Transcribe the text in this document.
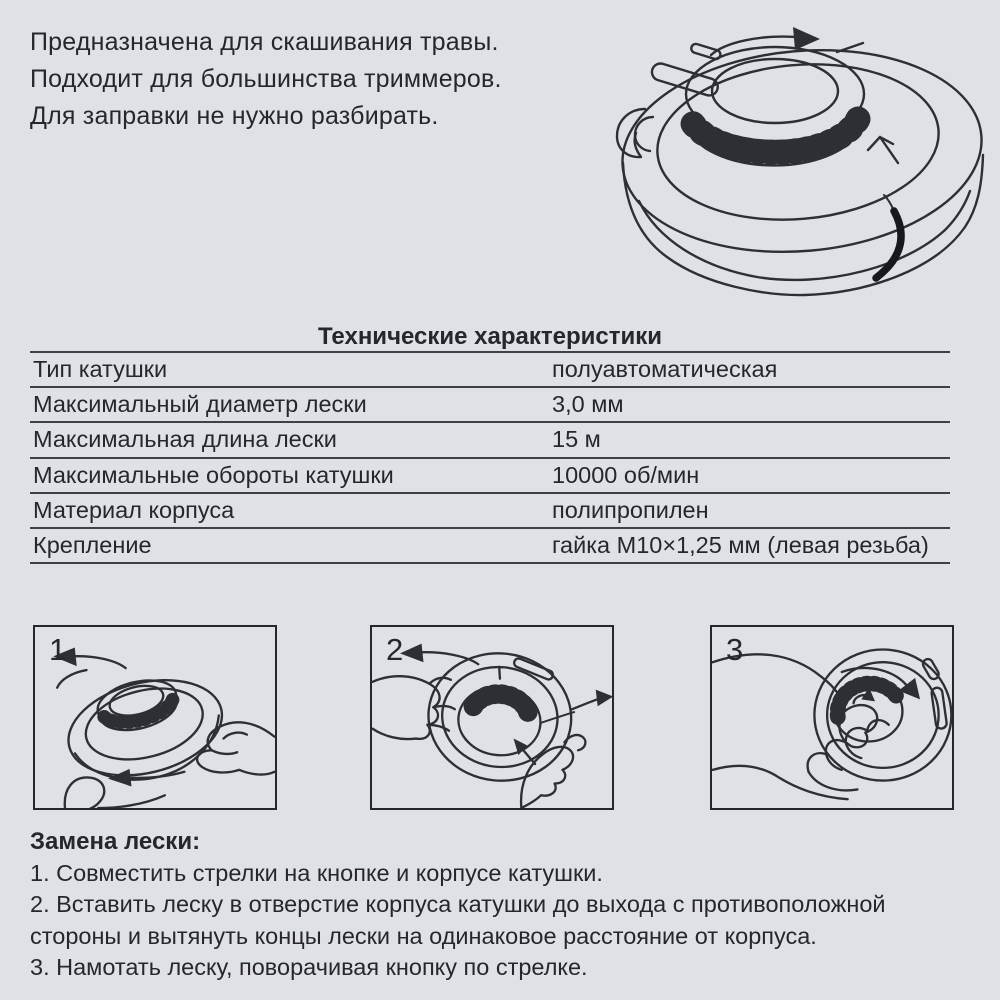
Предназначена для скашивания травы.
Подходит для большинства триммеров.
Для заправки не нужно разбирать.
Технические характеристики
Тип катушки	полуавтоматическая
Максимальный диаметр лески	3,0 мм
Максимальная длина лески	15 м
Максимальные обороты катушки	10000 об/мин
Материал корпуса	полипропилен
Крепление	гайка M10×1,25 мм (левая резьба)
1	2	3
Замена лески:
1. Совместить стрелки на кнопке и корпусе катушки.
2. Вставить леску в отверстие корпуса катушки до выхода с противоположной стороны и вытянуть концы лески на одинаковое расстояние от корпуса.
3. Намотать леску, поворачивая кнопку по стрелке.
